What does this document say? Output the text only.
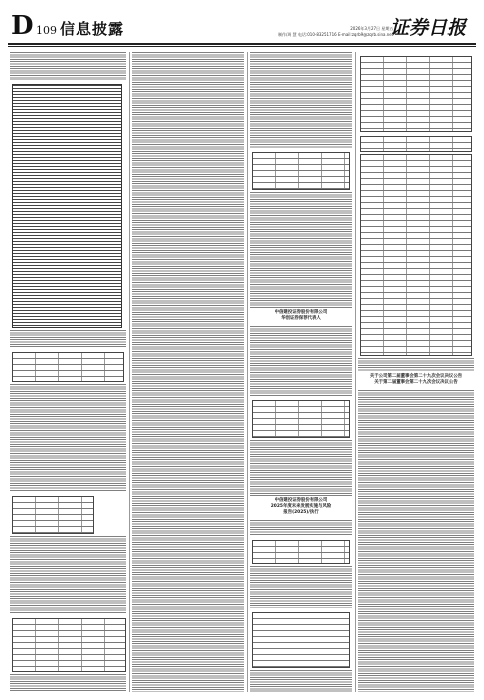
D 109 信息披露	2026年3月27日 星期五
制作/周 慧 电话:010-83251716 E-mail:zqrb9@zqrb.sina.net
证券日报
中信建投证券股份有限公司
华创证券保荐代表人
中信建投证券股份有限公司
2025年度未来发展实施与风险
报告(2025)/执行
关于公司第二届董事会第二十九次会议决议公告
关于第二届董事会第二十九次会议决议公告
